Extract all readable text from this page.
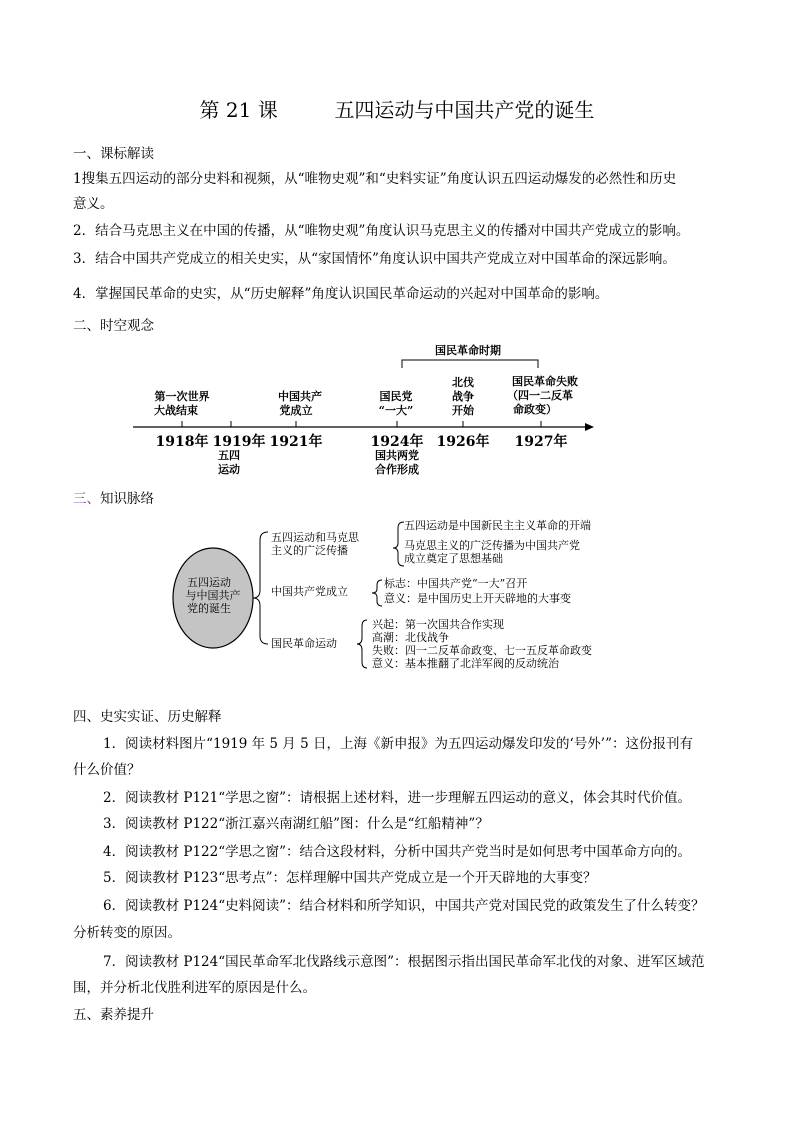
第 21 课	五四运动与中国共产党的诞生
一、课标解读
1搜集五四运动的部分史料和视频，从“唯物史观”和“史料实证”角度认识五四运动爆发的必然性和历史
意义。
2．结合马克思主义在中国的传播，从“唯物史观”角度认识马克思主义的传播对中国共产党成立的影响。
3．结合中国共产党成立的相关史实，从“家国情怀”角度认识中国共产党成立对中国革命的深远影响。
4．掌握国民革命的史实，从“历史解释”角度认识国民革命运动的兴起对中国革命的影响。
二、时空观念
国民革命时期
第一次世界
大战结束
中国共产
党成立
国民党
“一大”
北伐
战争
开始
国民革命失败
（四一二反革
命政变）
1918年 1919年 1921年	1924年 1926年 1927年
五四
运动
国共两党
合作形成
三、知识脉络
五四运动
与中国共产
党的诞生
五四运动和马克思
主义的广泛传播
五四运动是中国新民主主义革命的开端
马克思主义的广泛传播为中国共产党
成立奠定了思想基础
中国共产党成立
标志：中国共产党“一大”召开
意义：是中国历史上开天辟地的大事变
国民革命运动
兴起：第一次国共合作实现
高潮：北伐战争
失败：四一二反革命政变、七一五反革命政变
意义：基本推翻了北洋军阀的反动统治
四、史实实证、历史解释
1．阅读材料图片“1919 年 5 月 5 日，上海《新申报》为五四运动爆发印发的‘号外’”：这份报刊有
什么价值？
2．阅读教材 P121“学思之窗”：请根据上述材料，进一步理解五四运动的意义，体会其时代价值。
3．阅读教材 P122“浙江嘉兴南湖红船”图：什么是“红船精神”？
4．阅读教材 P122“学思之窗”：结合这段材料，分析中国共产党当时是如何思考中国革命方向的。
5．阅读教材 P123“思考点”：怎样理解中国共产党成立是一个开天辟地的大事变？
6．阅读教材 P124“史料阅读”：结合材料和所学知识，中国共产党对国民党的政策发生了什么转变？
分析转变的原因。
7．阅读教材 P124“国民革命军北伐路线示意图”：根据图示指出国民革命军北伐的对象、进军区域范
围，并分析北伐胜利进军的原因是什么。
五、素养提升
